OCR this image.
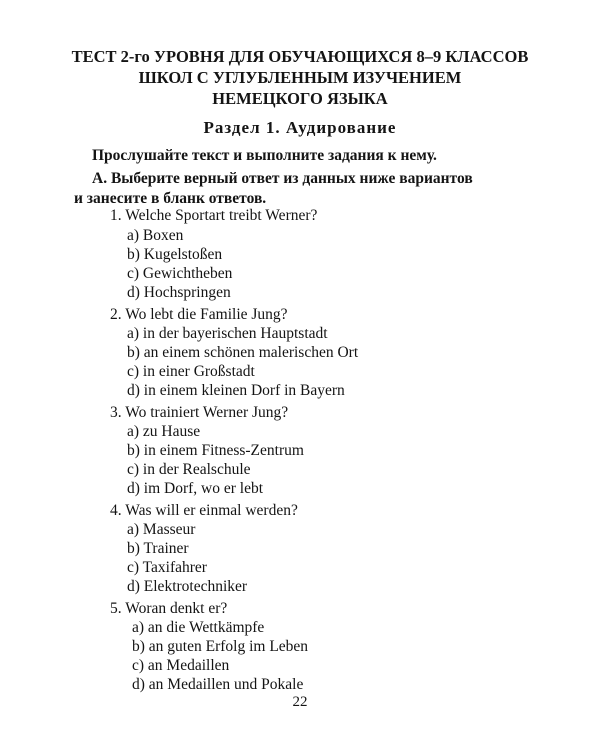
ТЕСТ 2-го УРОВНЯ ДЛЯ ОБУЧАЮЩИХСЯ 8–9 КЛАССОВ
ШКОЛ С УГЛУБЛЕННЫМ ИЗУЧЕНИЕМ
НЕМЕЦКОГО ЯЗЫКА
Раздел 1. Аудирование
Прослушайте текст и выполните задания к нему.
А. Выберите верный ответ из данных ниже вариантов
и занесите в бланк ответов.
1. Welche Sportart treibt Werner?
a) Boxen
b) Kugelstoßen
c) Gewichtheben
d) Hochspringen
2. Wo lebt die Familie Jung?
a) in der bayerischen Hauptstadt
b) an einem schönen malerischen Ort
c) in einer Großstadt
d) in einem kleinen Dorf in Bayern
3. Wo trainiert Werner Jung?
a) zu Hause
b) in einem Fitness-Zentrum
c) in der Realschule
d) im Dorf, wo er lebt
4. Was will er einmal werden?
a) Masseur
b) Trainer
c) Taxifahrer
d) Elektrotechniker
5. Woran denkt er?
a) an die Wettkämpfe
b) an guten Erfolg im Leben
c) an Medaillen
d) an Medaillen und Pokale
22
